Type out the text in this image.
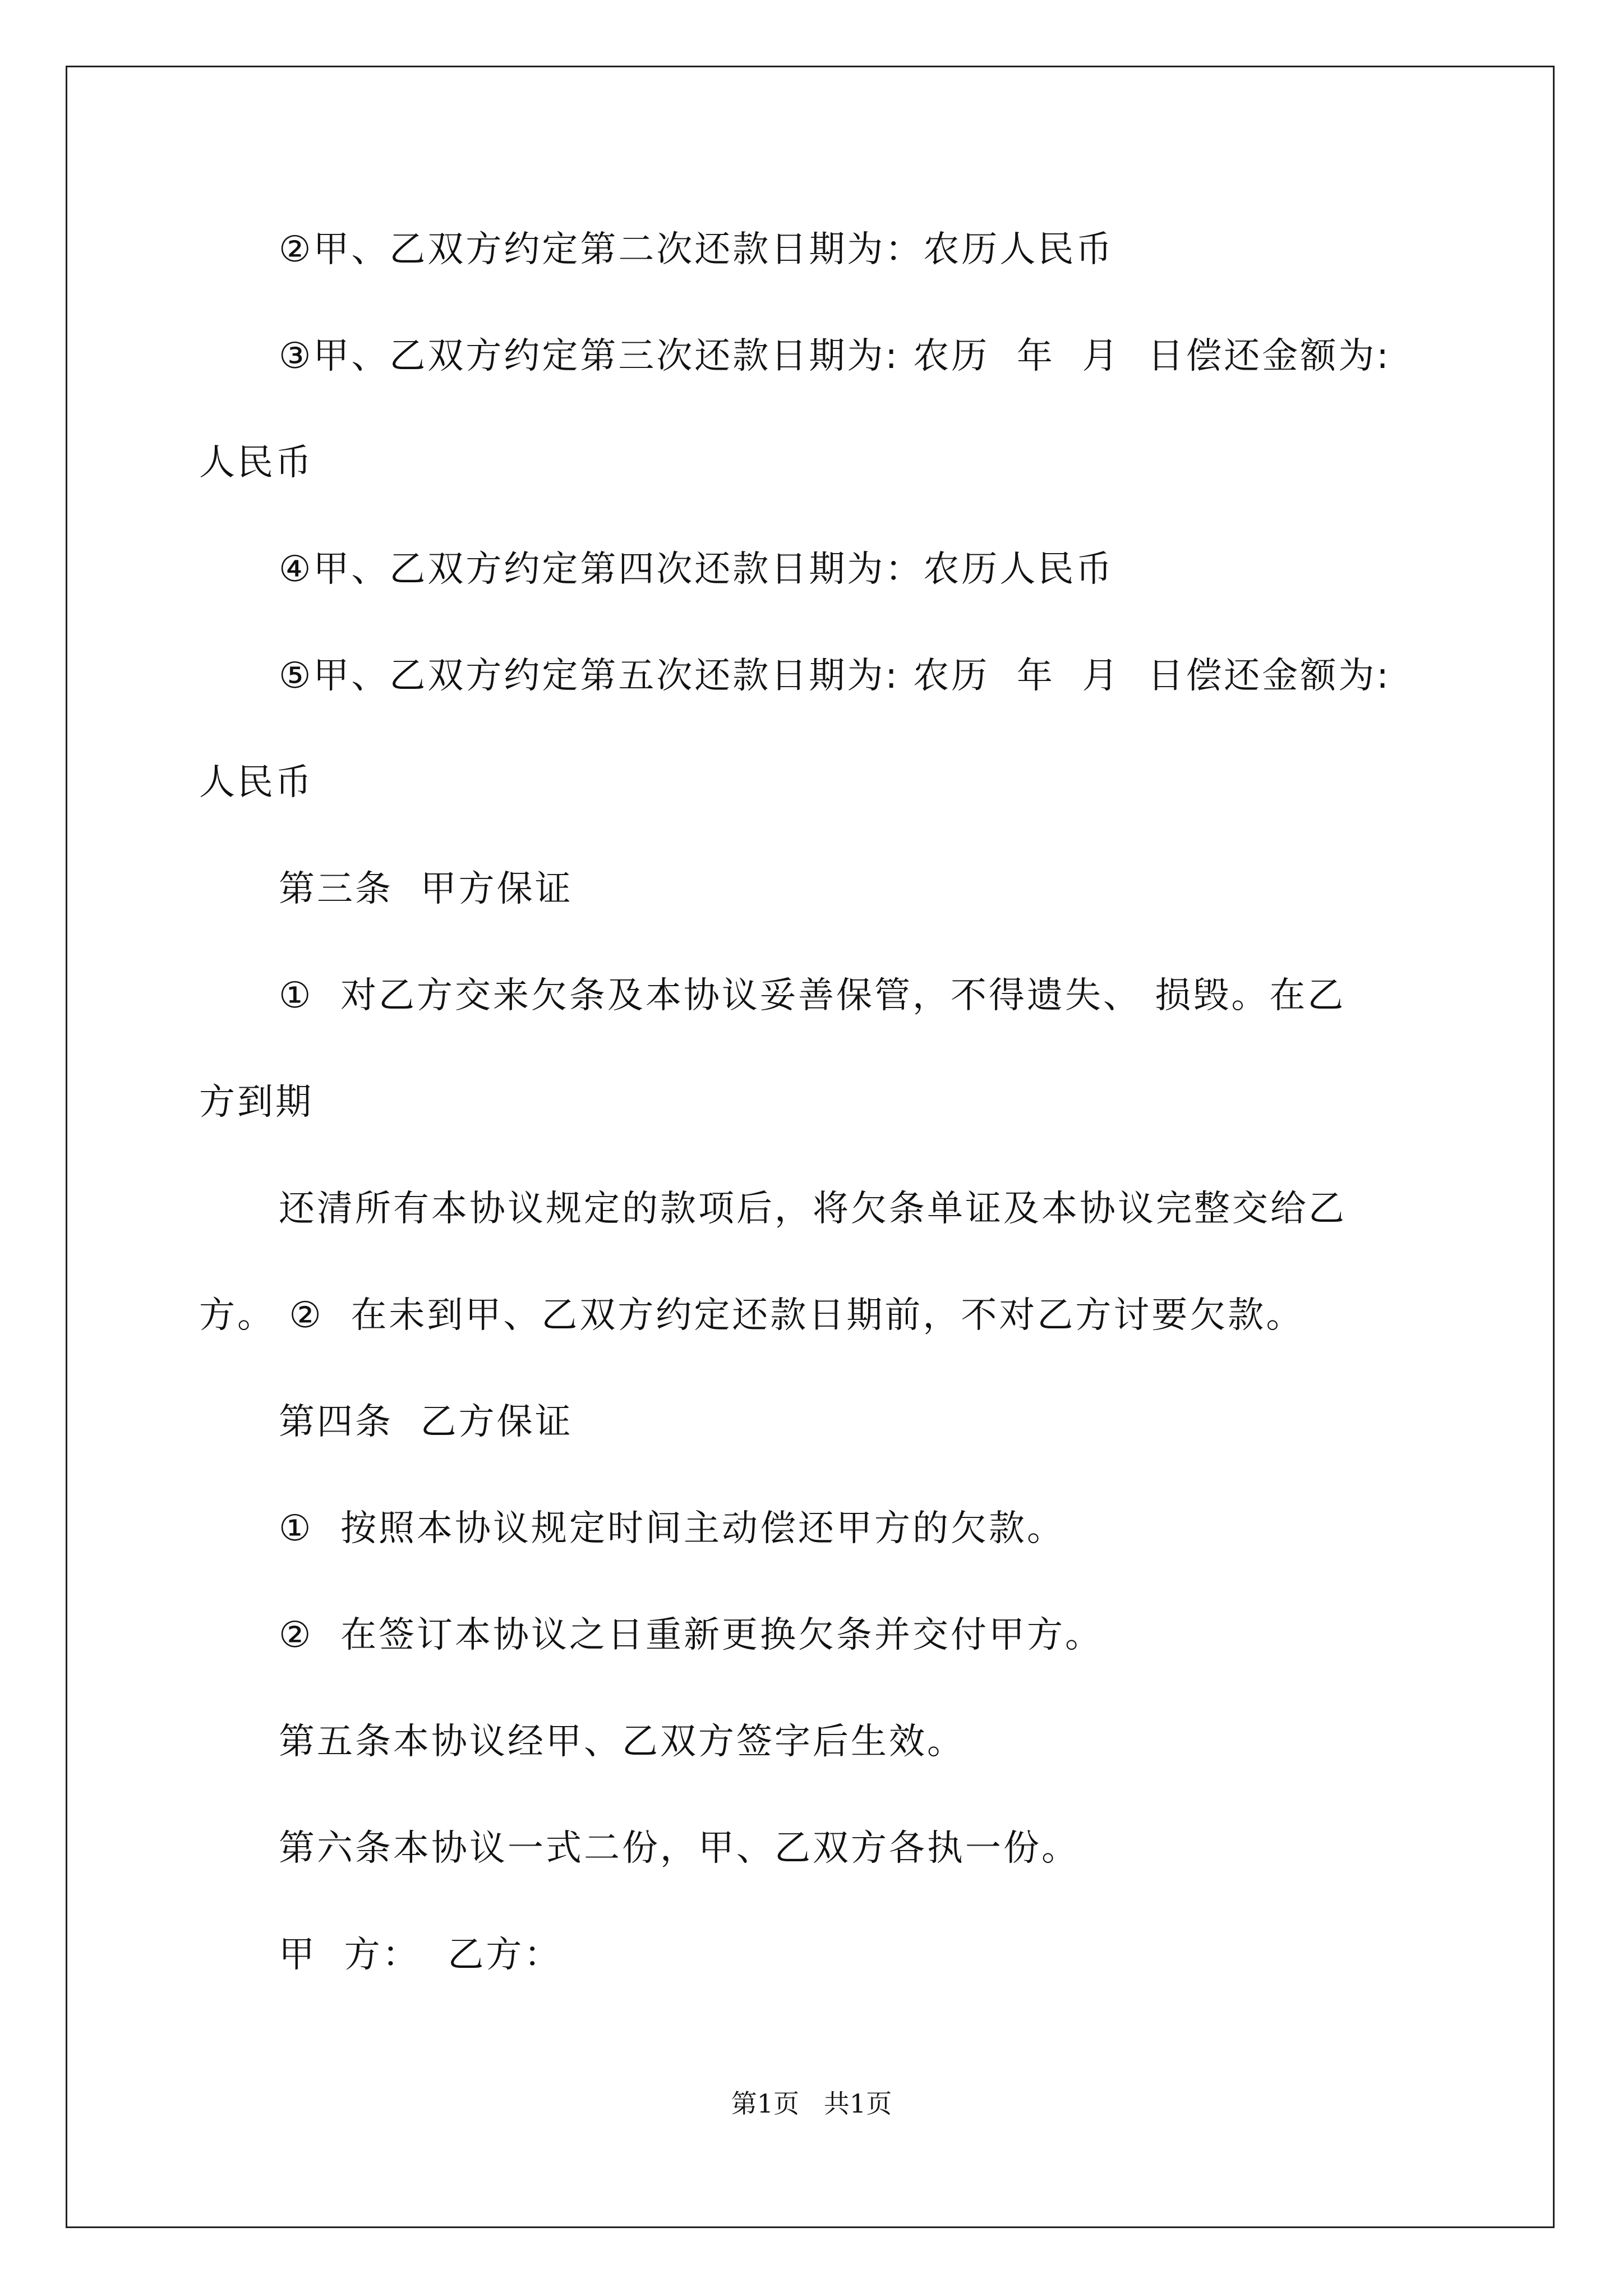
②甲、乙双方约定第二次还款日期为：农历人民币
③甲、乙双方约定第三次还款日期为: 农历  年  月  日偿还金额为:
人民币
④甲、乙双方约定第四次还款日期为：农历人民币
⑤甲、乙双方约定第五次还款日期为: 农历  年  月  日偿还金额为:
人民币
第三条  甲方保证
①  对乙方交来欠条及本协议妥善保管，不得遗失、 损毁。在乙
方到期
还清所有本协议规定的款项后，将欠条单证及本协议完整交给乙
方。 ②  在未到甲、乙双方约定还款日期前，不对乙方讨要欠款。
第四条  乙方保证
①  按照本协议规定时间主动偿还甲方的欠款。
②  在签订本协议之日重新更换欠条并交付甲方。
第五条本协议经甲、乙双方签字后生效。
第六条本协议一式二份，甲、乙双方各执一份。
甲  方：  乙方：
第1页   共1页
